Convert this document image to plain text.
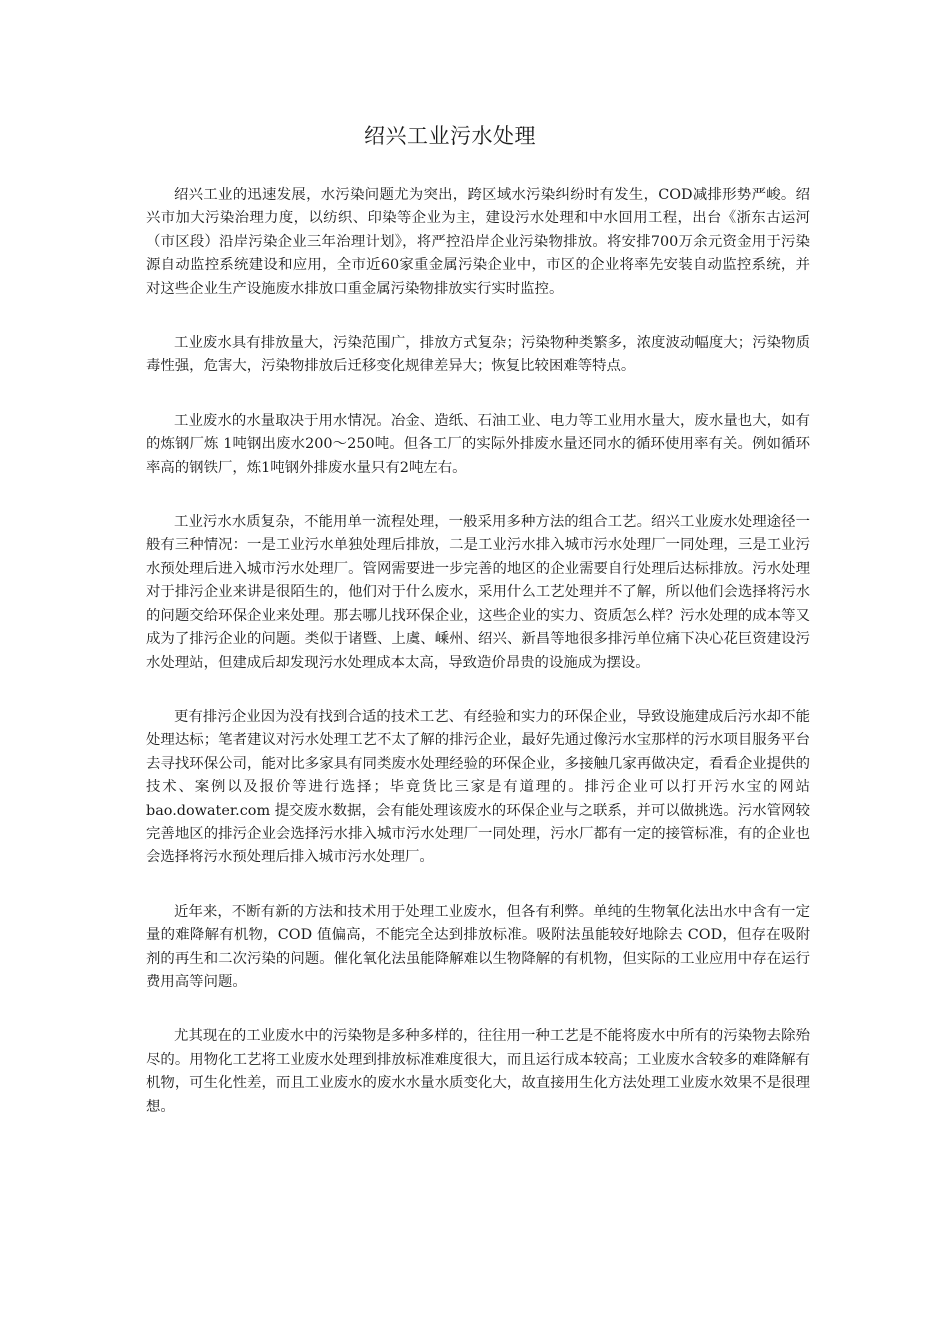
绍兴工业污水处理

绍兴工业的迅速发展，水污染问题尤为突出，跨区域水污染纠纷时有发生，COD减排形势严峻。绍兴市加大污染治理力度，以纺织、印染等企业为主，建设污水处理和中水回用工程，出台《浙东古运河（市区段）沿岸污染企业三年治理计划》，将严控沿岸企业污染物排放。将安排700万余元资金用于污染源自动监控系统建设和应用，全市近60家重金属污染企业中，市区的企业将率先安装自动监控系统，并对这些企业生产设施废水排放口重金属污染物排放实行实时监控。

工业废水具有排放量大，污染范围广，排放方式复杂；污染物种类繁多，浓度波动幅度大；污染物质毒性强，危害大，污染物排放后迁移变化规律差异大；恢复比较困难等特点。

工业废水的水量取决于用水情况。冶金、造纸、石油工业、电力等工业用水量大，废水量也大，如有的炼钢厂炼 1吨钢出废水200～250吨。但各工厂的实际外排废水量还同水的循环使用率有关。例如循环率高的钢铁厂，炼1吨钢外排废水量只有2吨左右。

工业污水水质复杂，不能用单一流程处理，一般采用多种方法的组合工艺。绍兴工业废水处理途径一般有三种情况：一是工业污水单独处理后排放，二是工业污水排入城市污水处理厂一同处理，三是工业污水预处理后进入城市污水处理厂。管网需要进一步完善的地区的企业需要自行处理后达标排放。污水处理对于排污企业来讲是很陌生的，他们对于什么废水，采用什么工艺处理并不了解，所以他们会选择将污水的问题交给环保企业来处理。那去哪儿找环保企业，这些企业的实力、资质怎么样？污水处理的成本等又成为了排污企业的问题。类似于诸暨、上虞、嵊州、绍兴、新昌等地很多排污单位痛下决心花巨资建设污水处理站，但建成后却发现污水处理成本太高，导致造价昂贵的设施成为摆设。

更有排污企业因为没有找到合适的技术工艺、有经验和实力的环保企业，导致设施建成后污水却不能处理达标；笔者建议对污水处理工艺不太了解的排污企业，最好先通过像污水宝那样的污水项目服务平台去寻找环保公司，能对比多家具有同类废水处理经验的环保企业，多接触几家再做决定，看看企业提供的技术、案例以及报价等进行选择；毕竟货比三家是有道理的。排污企业可以打开污水宝的网站 bao.dowater.com 提交废水数据，会有能处理该废水的环保企业与之联系，并可以做挑选。污水管网较完善地区的排污企业会选择污水排入城市污水处理厂一同处理，污水厂都有一定的接管标准，有的企业也会选择将污水预处理后排入城市污水处理厂。

近年来，不断有新的方法和技术用于处理工业废水，但各有利弊。单纯的生物氧化法出水中含有一定量的难降解有机物，COD 值偏高，不能完全达到排放标准。吸附法虽能较好地除去 COD，但存在吸附剂的再生和二次污染的问题。催化氧化法虽能降解难以生物降解的有机物，但实际的工业应用中存在运行费用高等问题。

尤其现在的工业废水中的污染物是多种多样的，往往用一种工艺是不能将废水中所有的污染物去除殆尽的。用物化工艺将工业废水处理到排放标准难度很大，而且运行成本较高；工业废水含较多的难降解有机物，可生化性差，而且工业废水的废水水量水质变化大，故直接用生化方法处理工业废水效果不是很理想。
